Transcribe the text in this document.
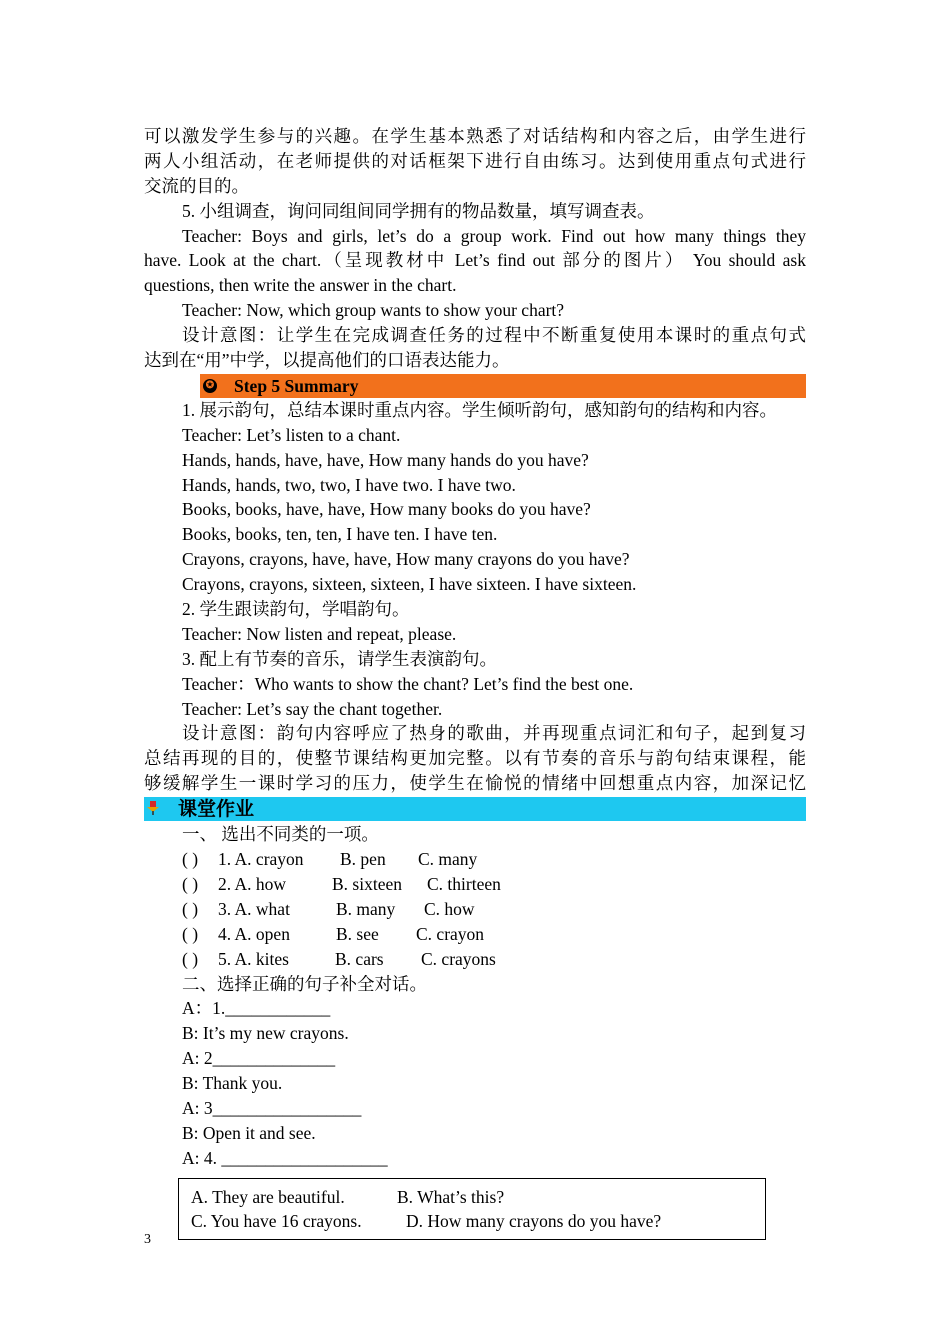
可以激发学生参与的兴趣。在学生基本熟悉了对话结构和内容之后，由学生进行
两人小组活动，在老师提供的对话框架下进行自由练习。达到使用重点句式进行
交流的目的。
5. 小组调查，询问同组间同学拥有的物品数量，填写调查表。
Teacher: Boys and girls, let’s do a group work. Find out how many things they
have. Look at the chart.（呈现教材中 Let’s find out 部分的图片） You should ask
questions, then write the answer in the chart.
Teacher: Now, which group wants to show your chart?
设计意图：让学生在完成调查任务的过程中不断重复使用本课时的重点句式
达到在“用”中学，以提高他们的口语表达能力。
✪ Step 5 Summary
1. 展示韵句，总结本课时重点内容。学生倾听韵句，感知韵句的结构和内容。
Teacher: Let’s listen to a chant.
Hands, hands, have, have, How many hands do you have?
Hands, hands, two, two, I have two. I have two.
Books, books, have, have, How many books do you have?
Books, books, ten, ten, I have ten. I have ten.
Crayons, crayons, have, have, How many crayons do you have?
Crayons, crayons, sixteen, sixteen, I have sixteen. I have sixteen.
2. 学生跟读韵句，学唱韵句。
Teacher: Now listen and repeat, please.
3. 配上有节奏的音乐，请学生表演韵句。
Teacher：Who wants to show the chant? Let’s find the best one.
Teacher: Let’s say the chant together.
设计意图：韵句内容呼应了热身的歌曲，并再现重点词汇和句子，起到复习
总结再现的目的，使整节课结构更加完整。以有节奏的音乐与韵句结束课程，能
够缓解学生一课时学习的压力，使学生在愉悦的情绪中回想重点内容，加深记忆
课堂作业
一、 选出不同类的一项。
( ) 1. A. crayon B. pen C. many
( ) 2. A. how	B. sixteen C. thirteen
( ) 3. A. what	B. many C. how
( ) 4. A. open	B. see C. crayon
( ) 5. A. kites	B. cars C. crayons
二、选择正确的句子补全对话。
A：1.____________
B: It’s my new crayons.
A: 2______________
B: Thank you.
A: 3_________________
B: Open it and see.
A: 4. ___________________
A. They are beautiful.	B. What’s this?
C. You have 16 crayons.	D. How many crayons do you have?
3
